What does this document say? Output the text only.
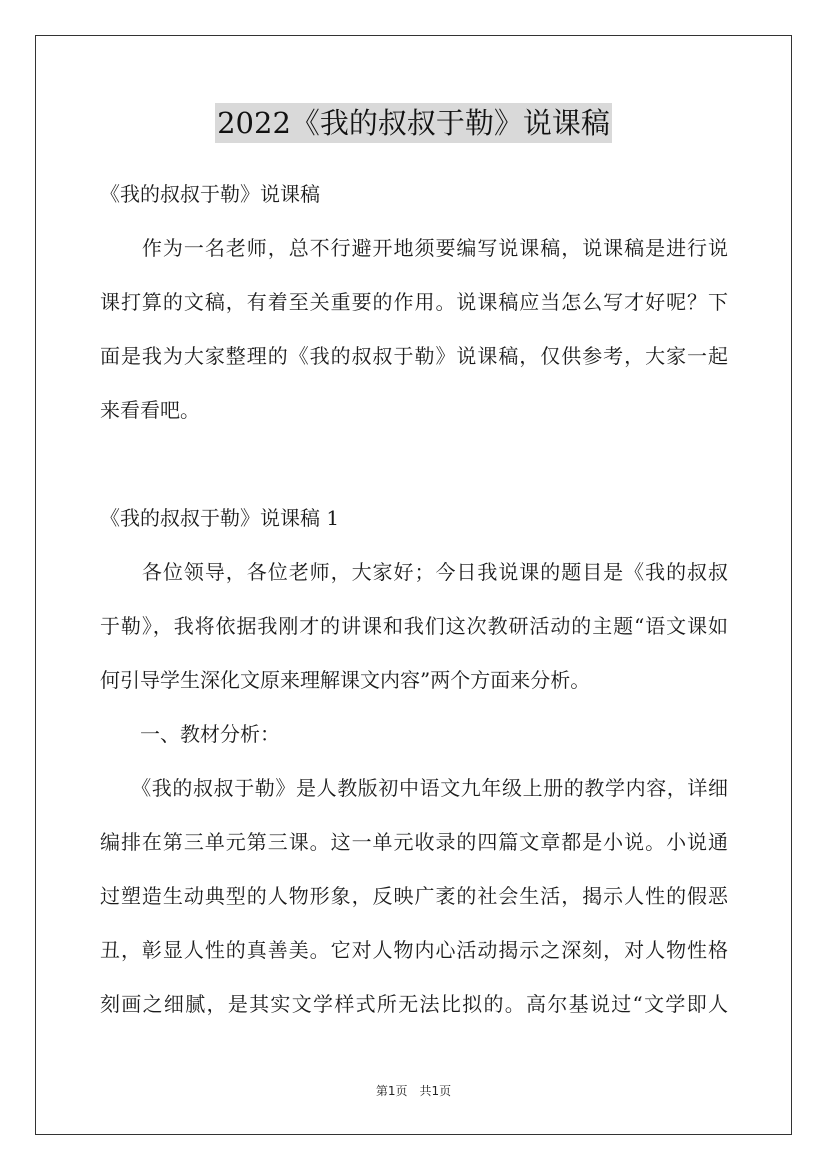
2022《我的叔叔于勒》说课稿
《我的叔叔于勒》说课稿
　　作为一名老师，总不行避开地须要编写说课稿，说课稿是进行说
课打算的文稿，有着至关重要的作用。说课稿应当怎么写才好呢？下
面是我为大家整理的《我的叔叔于勒》说课稿，仅供参考，大家一起
来看看吧。
《我的叔叔于勒》说课稿 1
　　各位领导，各位老师，大家好；今日我说课的题目是《我的叔叔
于勒》，我将依据我刚才的讲课和我们这次教研活动的主题“语文课如
何引导学生深化文原来理解课文内容”两个方面来分析。
　　一、教材分析：
　　《我的叔叔于勒》是人教版初中语文九年级上册的教学内容，详细
编排在第三单元第三课。这一单元收录的四篇文章都是小说。小说通
过塑造生动典型的人物形象，反映广袤的社会生活，揭示人性的假恶
丑，彰显人性的真善美。它对人物内心活动揭示之深刻，对人物性格
刻画之细腻，是其实文学样式所无法比拟的。高尔基说过“文学即人
第1页　共1页
